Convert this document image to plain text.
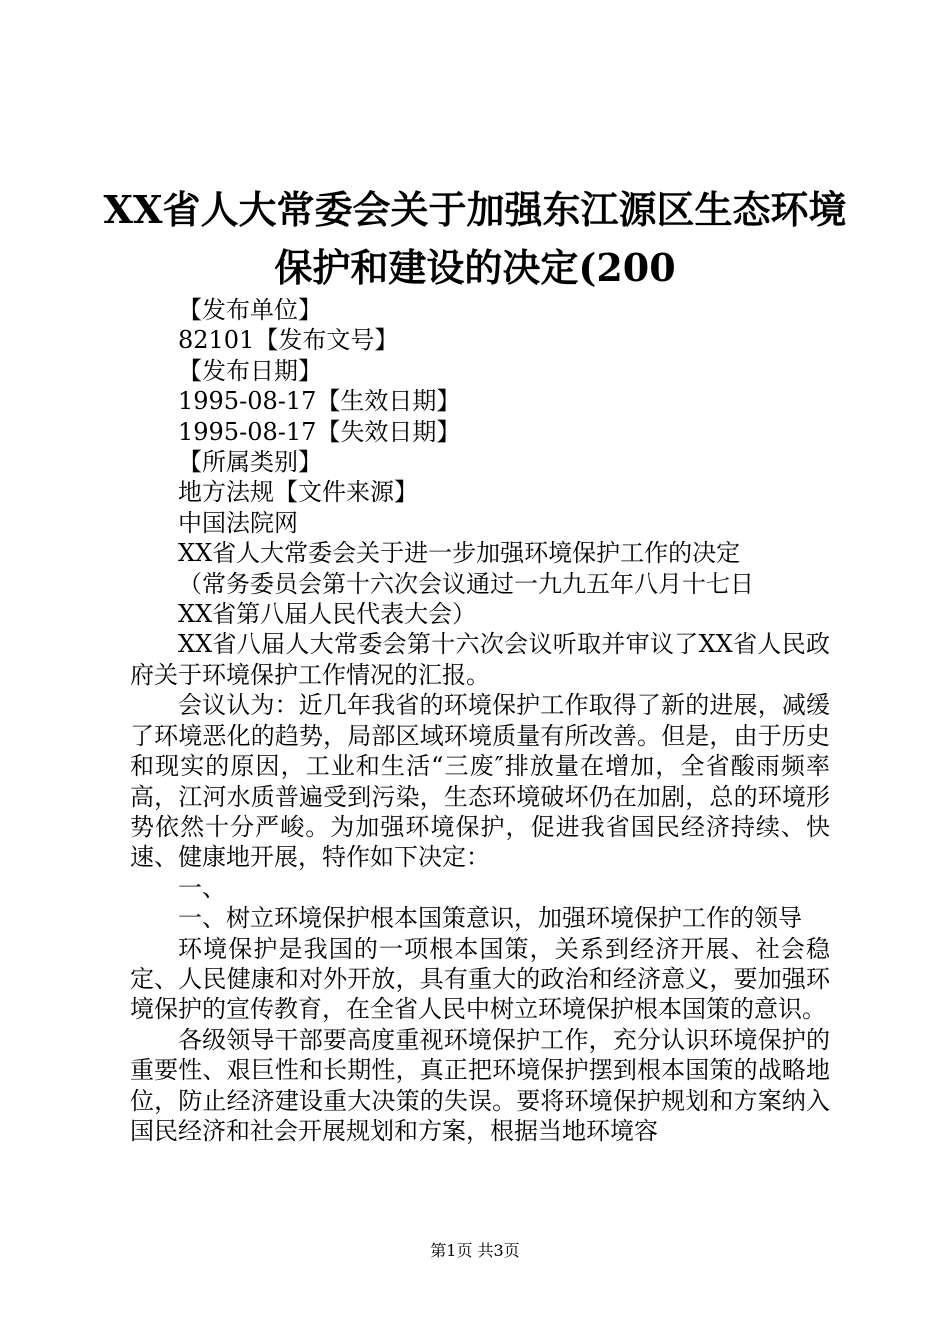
XX省人大常委会关于加强东江源区生态环境
保护和建设的决定(200
【发布单位】
82101【发布文号】
【发布日期】
1995-08-17【生效日期】
1995-08-17【失效日期】
【所属类别】
地方法规【文件来源】
中国法院网
XX省人大常委会关于进一步加强环境保护工作的决定
（常务委员会第十六次会议通过一九九五年八月十七日
XX省第八届人民代表大会）

XX省八届人大常委会第十六次会议听取并审议了XX省人民政府关于环境保护工作情况的汇报。

会议认为：近几年我省的环境保护工作取得了新的进展，减缓了环境恶化的趋势，局部区域环境质量有所改善。但是，由于历史和现实的原因，工业和生活“三废″排放量在增加，全省酸雨频率高，江河水质普遍受到污染，生态环境破坏仍在加剧，总的环境形势依然十分严峻。为加强环境保护，促进我省国民经济持续、快速、健康地开展，特作如下决定：

一、

一、树立环境保护根本国策意识，加强环境保护工作的领导

环境保护是我国的一项根本国策，关系到经济开展、社会稳定、人民健康和对外开放，具有重大的政治和经济意义，要加强环境保护的宣传教育，在全省人民中树立环境保护根本国策的意识。

各级领导干部要高度重视环境保护工作，充分认识环境保护的重要性、艰巨性和长期性，真正把环境保护摆到根本国策的战略地位，防止经济建设重大决策的失误。要将环境保护规划和方案纳入国民经济和社会开展规划和方案，根据当地环境容

第1页 共3页
